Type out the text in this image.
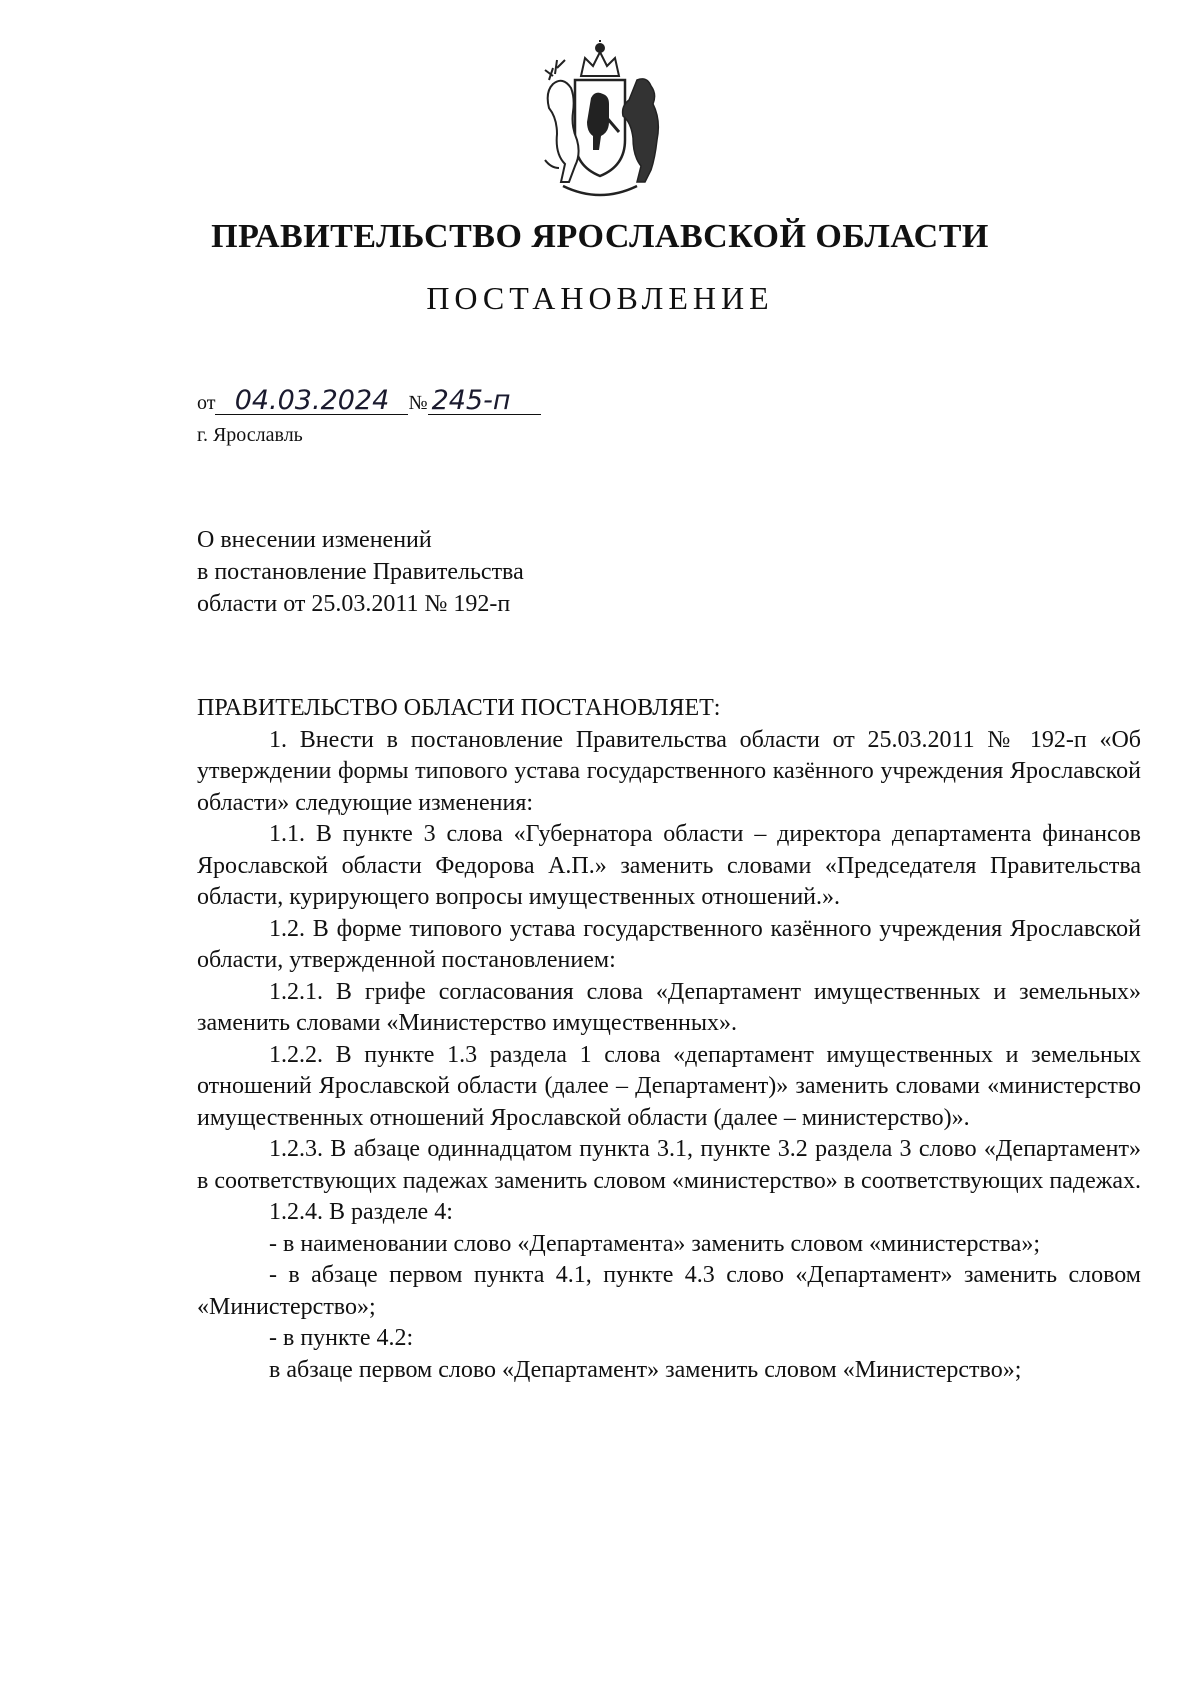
ПРАВИТЕЛЬСТВО ЯРОСЛАВСКОЙ ОБЛАСТИ
ПОСТАНОВЛЕНИЕ
от 04.03.2024 № 245-п
г. Ярославль
О внесении изменений
в постановление Правительства
области от 25.03.2011 № 192-п

ПРАВИТЕЛЬСТВО ОБЛАСТИ ПОСТАНОВЛЯЕТ:

1. Внести в постановление Правительства области от 25.03.2011 № 192-п «Об утверждении формы типового устава государственного казённого учреждения Ярославской области» следующие изменения:

1.1. В пункте 3 слова «Губернатора области – директора департамента финансов Ярославской области Федорова А.П.» заменить словами «Председателя Правительства области, курирующего вопросы имущественных отношений.».

1.2. В форме типового устава государственного казённого учреждения Ярославской области, утвержденной постановлением:

1.2.1. В грифе согласования слова «Департамент имущественных и земельных» заменить словами «Министерство имущественных».

1.2.2. В пункте 1.3 раздела 1 слова «департамент имущественных и земельных отношений Ярославской области (далее – Департамент)» заменить словами «министерство имущественных отношений Ярославской области (далее – министерство)».

1.2.3. В абзаце одиннадцатом пункта 3.1, пункте 3.2 раздела 3 слово «Департамент» в соответствующих падежах заменить словом «министерство» в соответствующих падежах.

1.2.4. В разделе 4:

- в наименовании слово «Департамента» заменить словом «министерства»;

- в абзаце первом пункта 4.1, пункте 4.3 слово «Департамент» заменить словом «Министерство»;

- в пункте 4.2:

в абзаце первом слово «Департамент» заменить словом «Министерство»;
